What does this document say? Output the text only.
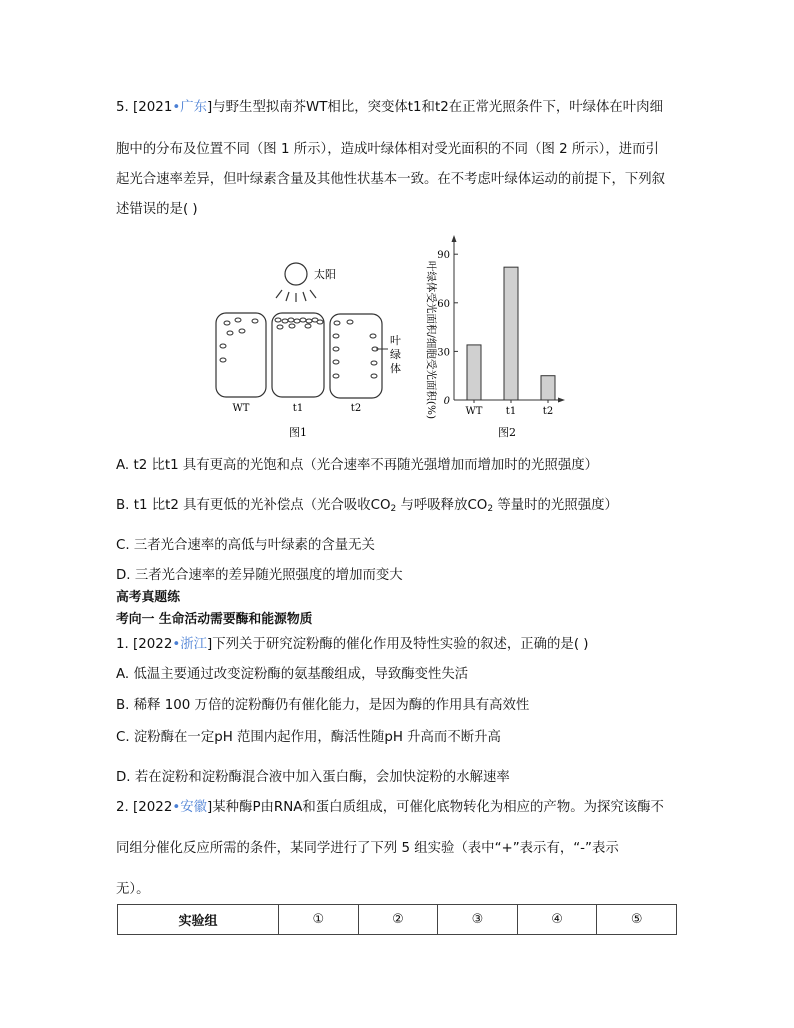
5. [2021•广东]与野生型拟南芥WT相比，突变体t1和t2在正常光照条件下，叶绿体在叶肉细
胞中的分布及位置不同（图 1 所示），造成叶绿体相对受光面积的不同（图 2 所示），进而引
起光合速率差异，但叶绿素含量及其他性状基本一致。在不考虑叶绿体运动的前提下，下列叙
述错误的是( )
太阳
叶
绿
体
WT	t1	t2
图1
叶绿体受光面积/细胞受光面积(%) 0
30
60
90
WT t1	t2
图2
A. t2 比t1 具有更高的光饱和点（光合速率不再随光强增加而增加时的光照强度）
B. t1 比t2 具有更低的光补偿点（光合吸收$CO_2$ 与呼吸释放$CO_2$ 等量时的光照强度）
C. 三者光合速率的高低与叶绿素的含量无关
D. 三者光合速率的差异随光照强度的增加而变大
高考真题练
考向一 生命活动需要酶和能源物质
1. [2022•浙江]下列关于研究淀粉酶的催化作用及特性实验的叙述，正确的是( )
A. 低温主要通过改变淀粉酶的氨基酸组成，导致酶变性失活
B. 稀释 100 万倍的淀粉酶仍有催化能力，是因为酶的作用具有高效性
C. 淀粉酶在一定pH 范围内起作用，酶活性随pH 升高而不断升高
D. 若在淀粉和淀粉酶混合液中加入蛋白酶，会加快淀粉的水解速率
2. [2022•安徽]某种酶P由RNA和蛋白质组成，可催化底物转化为相应的产物。为探究该酶不
同组分催化反应所需的条件，某同学进行了下列 5 组实验（表中“+”表示有，“-”表示
无）。
实验组	①	②	③	④	⑤
